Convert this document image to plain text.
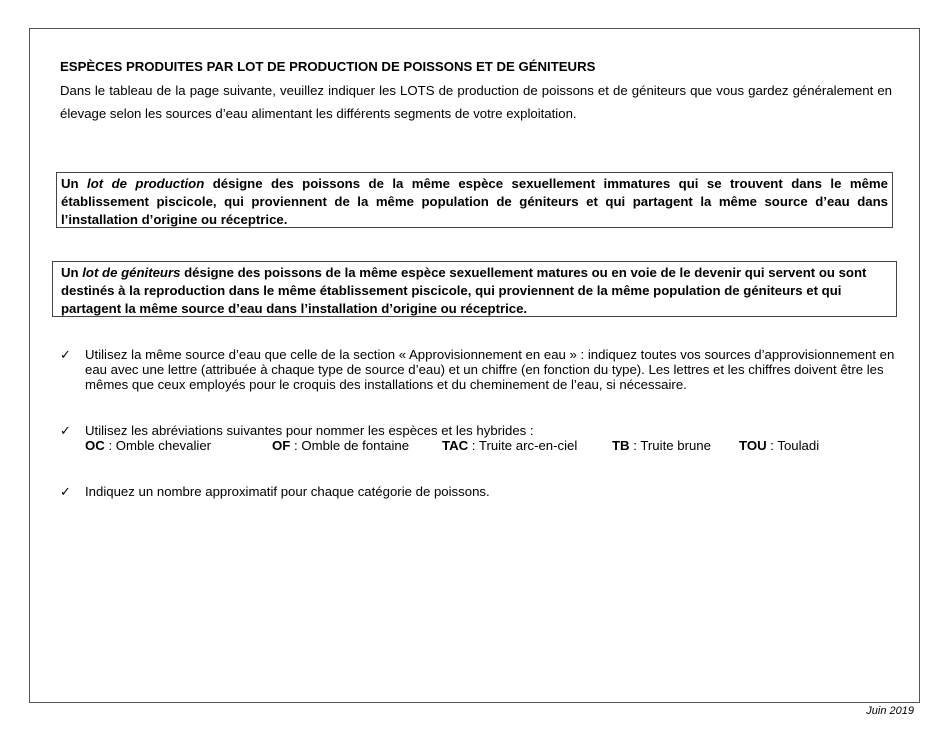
ESPÈCES PRODUITES PAR LOT DE PRODUCTION DE POISSONS ET DE GÉNITEURS
Dans le tableau de la page suivante, veuillez indiquer les LOTS de production de poissons et de géniteurs que vous gardez généralement en élevage selon les sources d’eau alimentant les différents segments de votre exploitation.
Un lot de production désigne des poissons de la même espèce sexuellement immatures qui se trouvent dans le même établissement piscicole, qui proviennent de la même population de géniteurs et qui partagent la même source d’eau dans l’installation d’origine ou réceptrice.
Un lot de géniteurs désigne des poissons de la même espèce sexuellement matures ou en voie de le devenir qui servent ou sont destinés à la reproduction dans le même établissement piscicole, qui proviennent de la même population de géniteurs et qui partagent la même source d’eau dans l’installation d’origine ou réceptrice.
✓	Utilisez la même source d’eau que celle de la section « Approvisionnement en eau » : indiquez toutes vos sources d’approvisionnement en eau avec une lettre (attribuée à chaque type de source d’eau) et un chiffre (en fonction du type). Les lettres et les chiffres doivent être les mêmes que ceux employés pour le croquis des installations et du cheminement de l’eau, si nécessaire.
✓	Utilisez les abréviations suivantes pour nommer les espèces et les hybrides :
OC : Omble chevalier	OF : Omble de fontaine TAC : Truite arc-en-ciel	TB : Truite brune TOU : Touladi
✓	Indiquez un nombre approximatif pour chaque catégorie de poissons.
Juin 2019
